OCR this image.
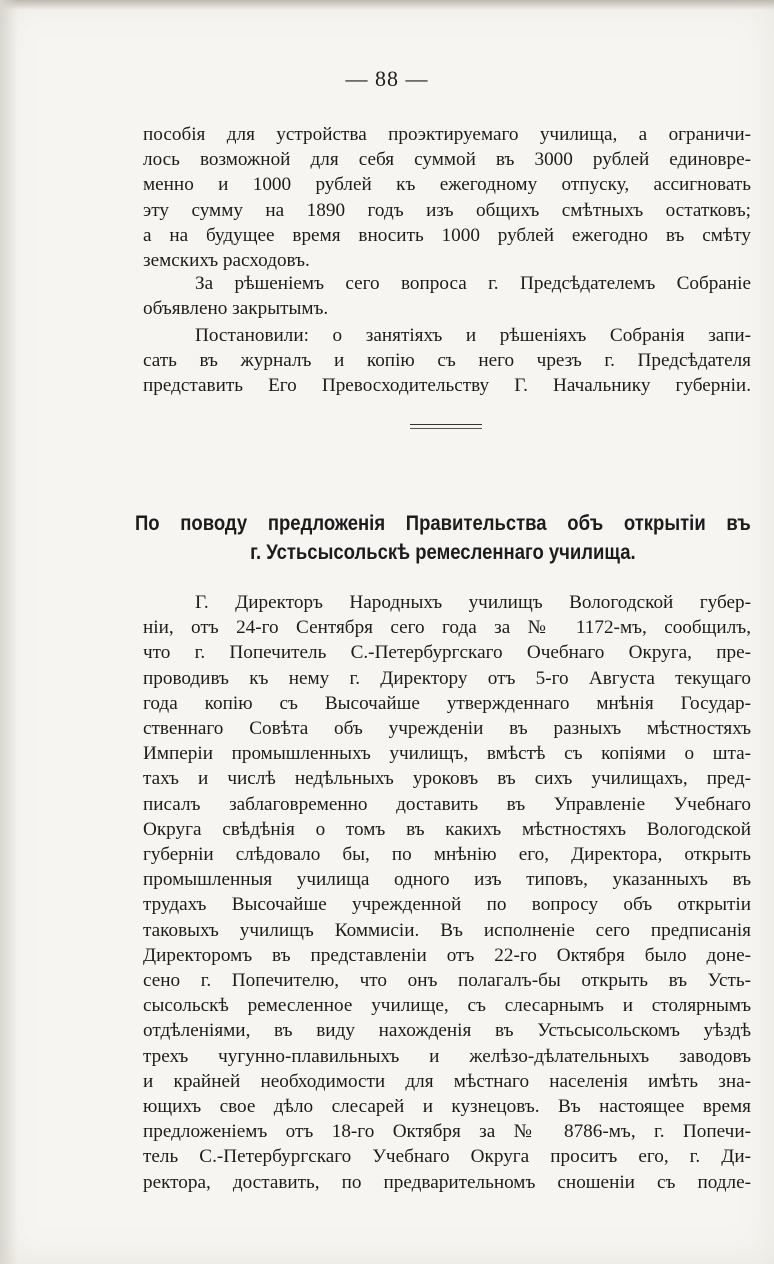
— 88 —
пособія для устройства проэктируемаго училища, а ограничи-
лось возможной для себя суммой въ 3000 рублей единовре-
менно и 1000 рублей къ ежегодному отпуску, ассигновать
эту сумму на 1890 годъ изъ общихъ смѣтныхъ остатковъ;
а на будущее время вносить 1000 рублей ежегодно въ смѣту
земскихъ расходовъ.
За рѣшеніемъ сего вопроса г. Предсѣдателемъ Собраніе
объявлено закрытымъ.
Постановили: о занятіяхъ и рѣшеніяхъ Собранія запи-
сать въ журналъ и копію съ него чрезъ г. Предсѣдателя
представить Его Превосходительству Г. Начальнику губерніи.
По поводу предложенія Правительства объ открытіи въ
г. Устьсысольскѣ ремесленнаго училища.
Г. Директоръ Народныхъ училищъ Вологодской губер-
ніи, отъ 24-го Сентября сего года за № 1172-мъ, сообщилъ,
что г. Попечитель С.-Петербургскаго Очебнаго Округа, пре-
проводивъ къ нему г. Директору отъ 5-го Августа текущаго
года копію съ Высочайше утвержденнаго мнѣнія Государ-
ственнаго Совѣта объ учрежденіи въ разныхъ мѣстностяхъ
Имперіи промышленныхъ училищъ, вмѣстѣ съ копіями о шта-
тахъ и числѣ недѣльныхъ уроковъ въ сихъ училищахъ, пред-
писалъ заблаговременно доставить въ Управленіе Учебнаго
Округа свѣдѣнія о томъ въ какихъ мѣстностяхъ Вологодской
губерніи слѣдовало бы, по мнѣнію его, Директора, открыть
промышленныя училища одного изъ типовъ, указанныхъ въ
трудахъ Высочайше учрежденной по вопросу объ открытіи
таковыхъ училищъ Коммисіи. Въ исполненіе сего предписанія
Директоромъ въ представленіи отъ 22-го Октября было доне-
сено г. Попечителю, что онъ полагалъ-бы открыть въ Усть-
сысольскѣ ремесленное училище, съ слесарнымъ и столярнымъ
отдѣленіями, въ виду нахожденія въ Устьсысольскомъ уѣздѣ
трехъ чугунно-плавильныхъ и желѣзо-дѣлательныхъ заводовъ
и крайней необходимости для мѣстнаго населенія имѣть зна-
ющихъ свое дѣло слесарей и кузнецовъ. Въ настоящее время
предложеніемъ отъ 18-го Октября за № 8786-мъ, г. Попечи-
тель С.-Петербургскаго Учебнаго Округа проситъ его, г. Ди-
ректора, доставить, по предварительномъ сношеніи съ подле-
